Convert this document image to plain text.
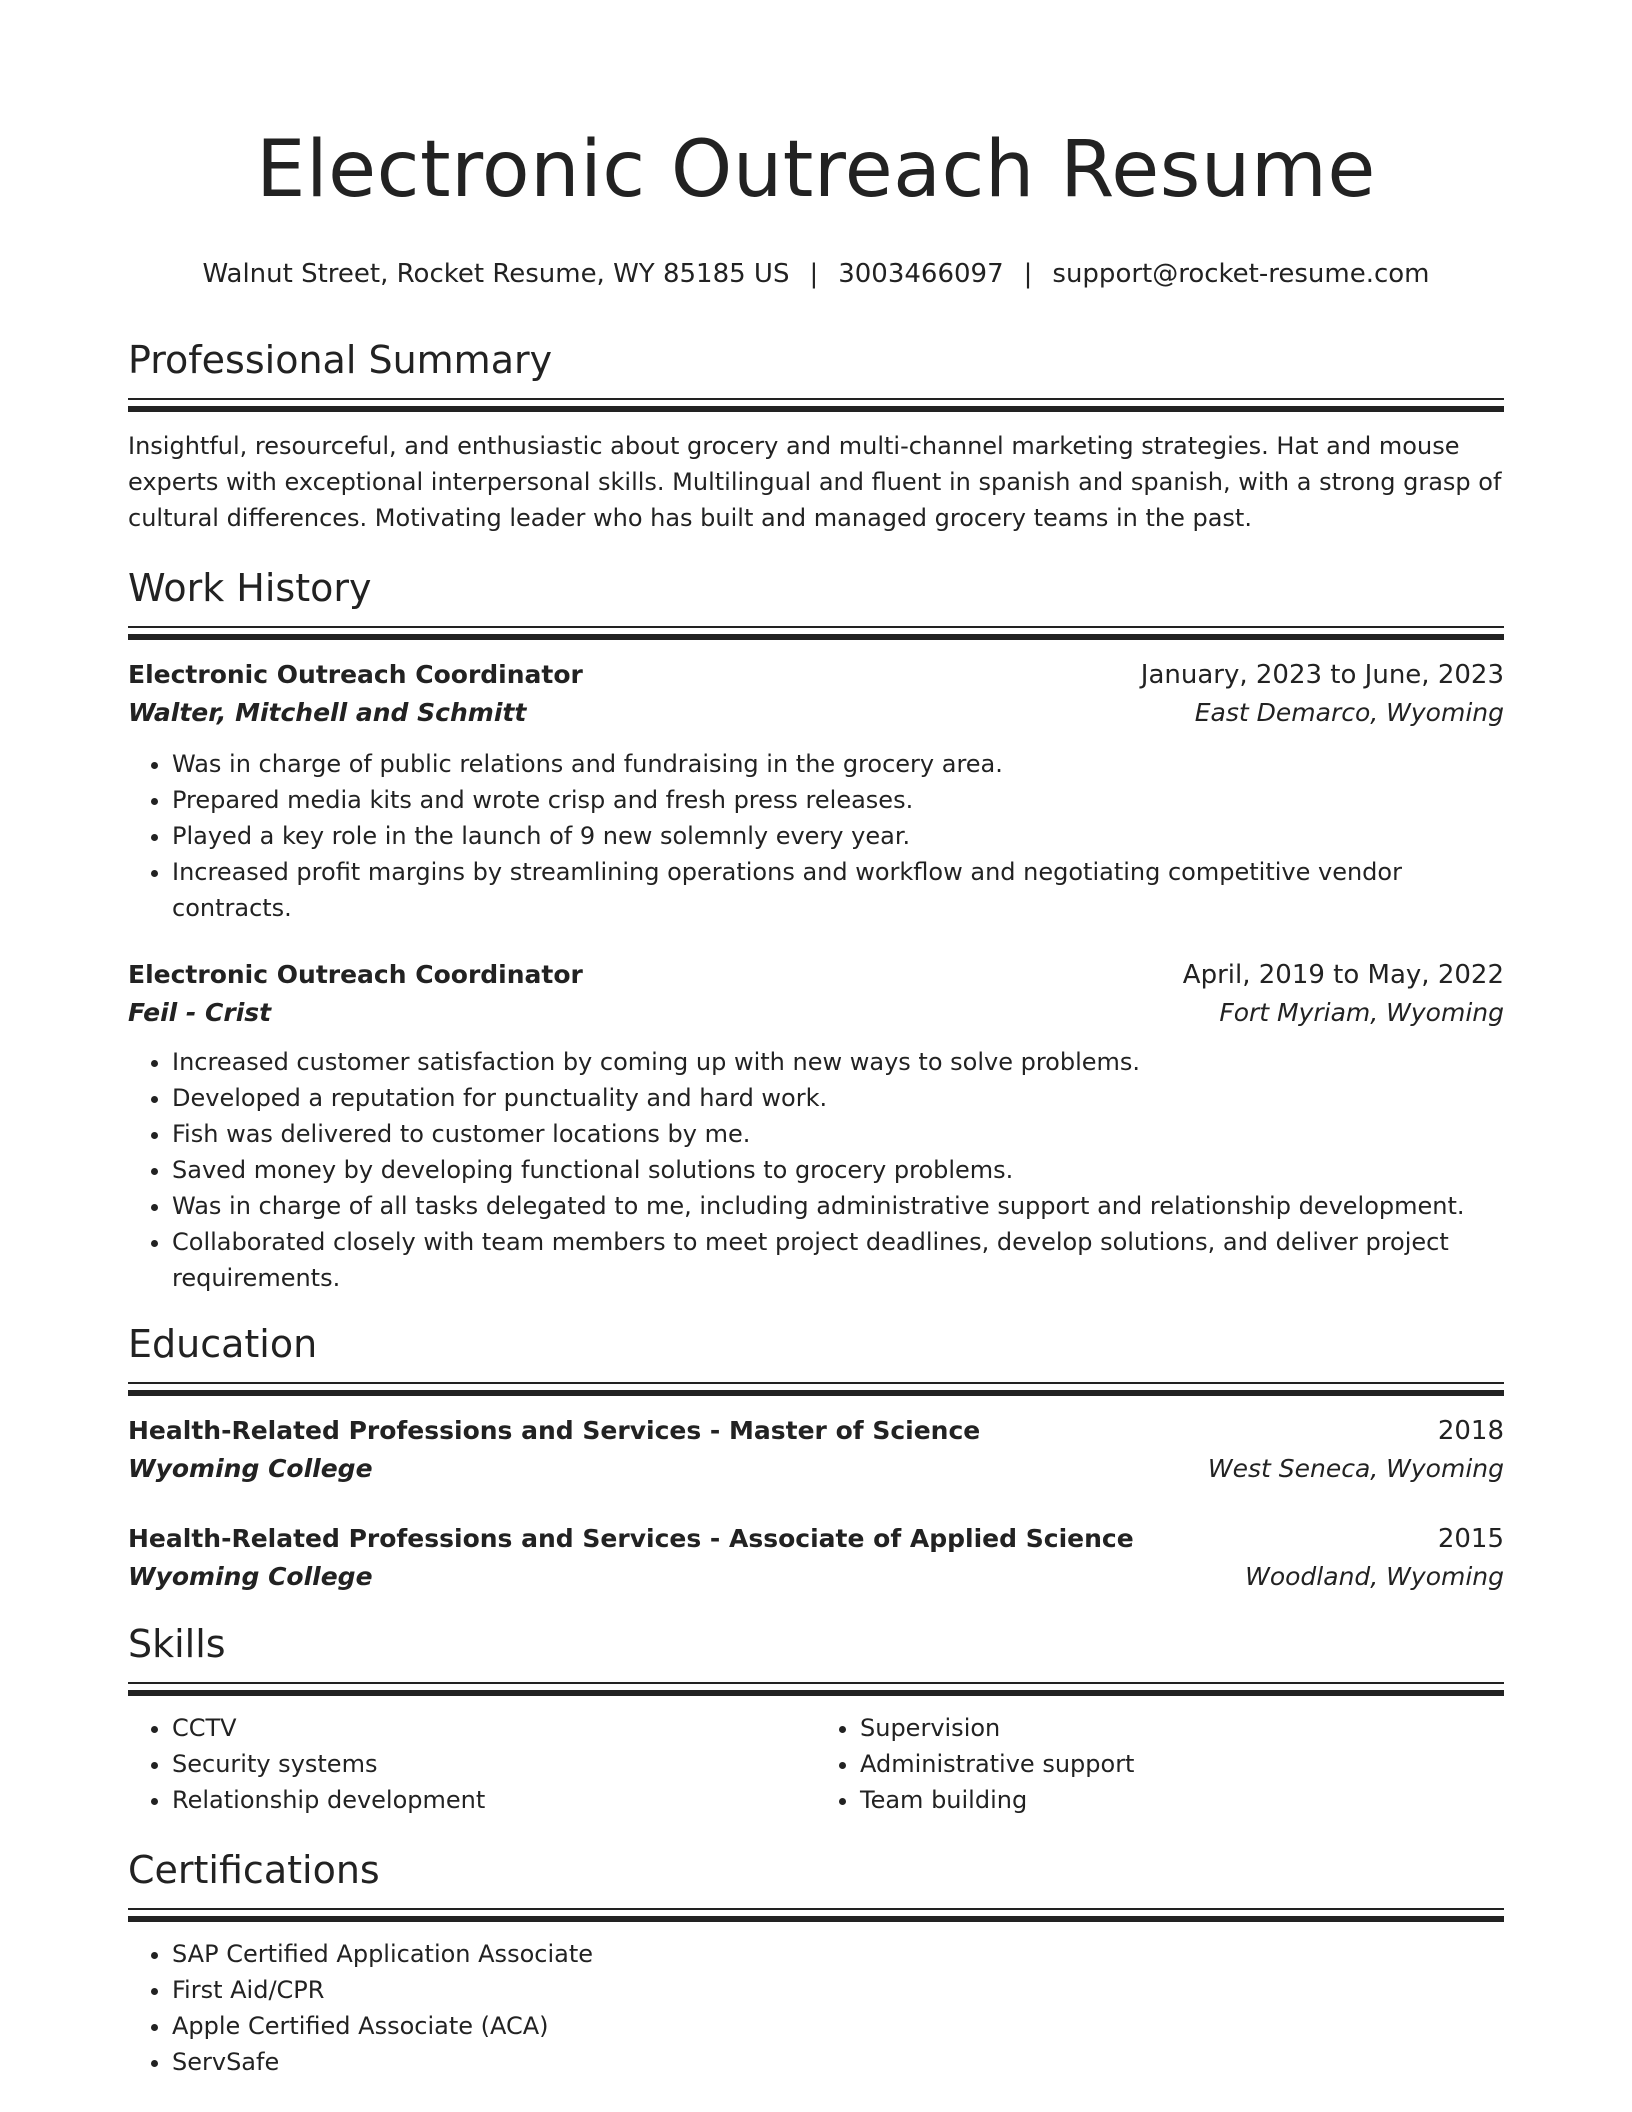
Electronic Outreach Resume
Walnut Street, Rocket Resume, WY 85185 US | 3003466097 | support@rocket-resume.com
Professional Summary
Insightful, resourceful, and enthusiastic about grocery and multi-channel marketing strategies. Hat and mouse experts with exceptional interpersonal skills. Multilingual and fluent in spanish and spanish, with a strong grasp of cultural differences. Motivating leader who has built and managed grocery teams in the past.
Work History
Electronic Outreach Coordinator	January, 2023 to June, 2023
Walter, Mitchell and Schmitt	East Demarco, Wyoming
• Was in charge of public relations and fundraising in the grocery area.
• Prepared media kits and wrote crisp and fresh press releases.
• Played a key role in the launch of 9 new solemnly every year.
• Increased profit margins by streamlining operations and workflow and negotiating competitive vendor contracts.
Electronic Outreach Coordinator	April, 2019 to May, 2022
Feil - Crist	Fort Myriam, Wyoming
• Increased customer satisfaction by coming up with new ways to solve problems.
• Developed a reputation for punctuality and hard work.
• Fish was delivered to customer locations by me.
• Saved money by developing functional solutions to grocery problems.
• Was in charge of all tasks delegated to me, including administrative support and relationship development.
• Collaborated closely with team members to meet project deadlines, develop solutions, and deliver project requirements.
Education
Health-Related Professions and Services - Master of Science	2018
Wyoming College	West Seneca, Wyoming
Health-Related Professions and Services - Associate of Applied Science	2015
Wyoming College	Woodland, Wyoming
Skills
• CCTV
• Security systems
• Relationship development
• Supervision
• Administrative support
• Team building
Certifications
• SAP Certified Application Associate
• First Aid/CPR
• Apple Certified Associate (ACA)
• ServSafe
